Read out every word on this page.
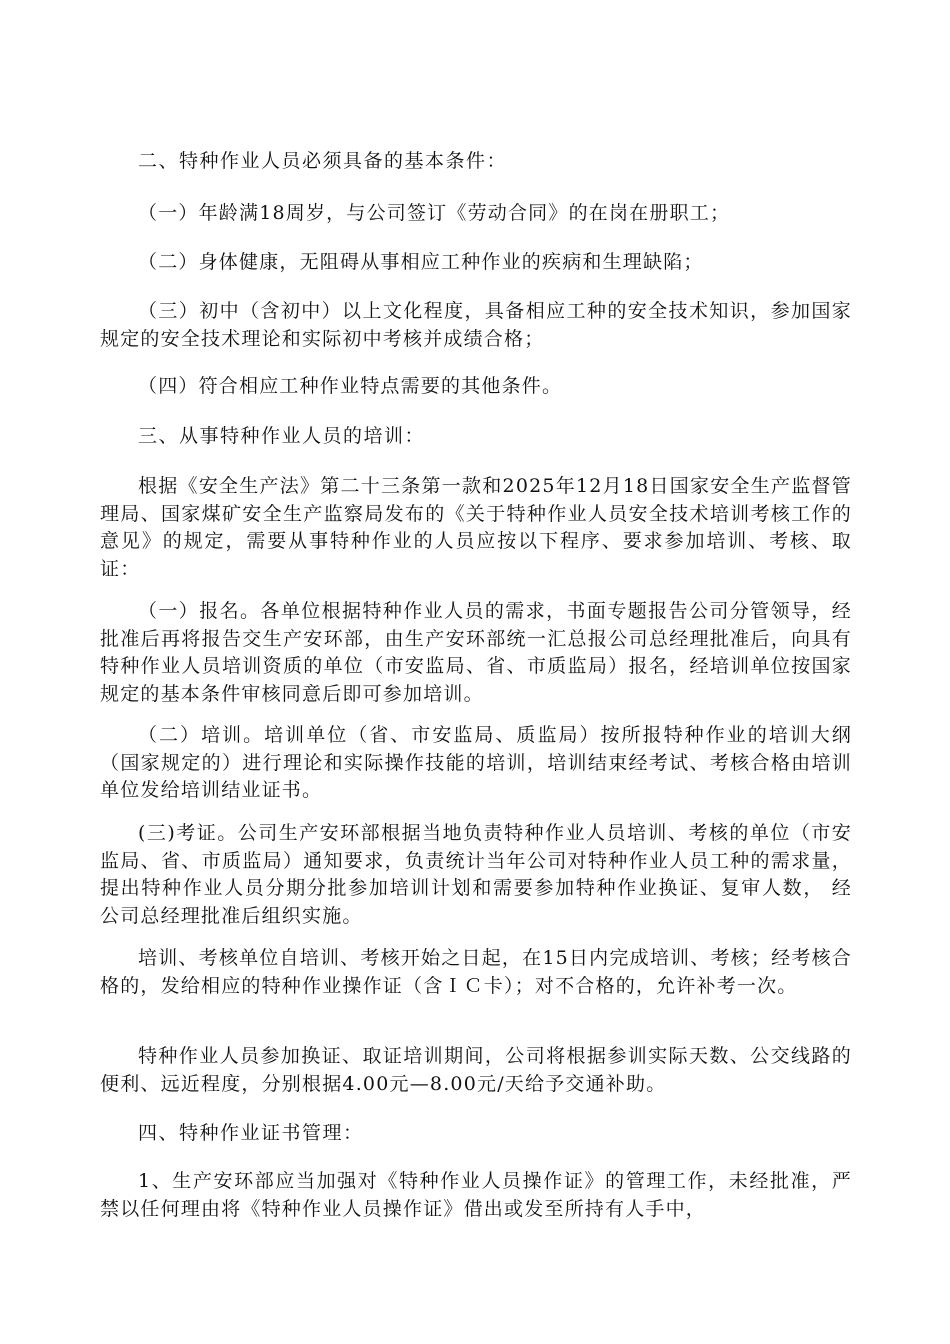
二、特种作业人员必须具备的基本条件：

（一）年龄满18周岁，与公司签订《劳动合同》的在岗在册职工；

（二）身体健康，无阻碍从事相应工种作业的疾病和生理缺陷；

（三）初中（含初中）以上文化程度，具备相应工种的安全技术知识，参加国家规定的安全技术理论和实际初中考核并成绩合格；

（四）符合相应工种作业特点需要的其他条件。

三、从事特种作业人员的培训：

根据《安全生产法》第二十三条第一款和2025年12月18日国家安全生产监督管理局、国家煤矿安全生产监察局发布的《关于特种作业人员安全技术培训考核工作的意见》的规定，需要从事特种作业的人员应按以下程序、要求参加培训、考核、取证：

（一）报名。各单位根据特种作业人员的需求，书面专题报告公司分管领导，经批准后再将报告交生产安环部，由生产安环部统一汇总报公司总经理批准后，向具有特种作业人员培训资质的单位（市安监局、省、市质监局）报名，经培训单位按国家规定的基本条件审核同意后即可参加培训。

（二）培训。培训单位（省、市安监局、质监局）按所报特种作业的培训大纲（国家规定的）进行理论和实际操作技能的培训，培训结束经考试、考核合格由培训单位发给培训结业证书。

(三)考证。公司生产安环部根据当地负责特种作业人员培训、考核的单位（市安监局、省、市质监局）通知要求，负责统计当年公司对特种作业人员工种的需求量，提出特种作业人员分期分批参加培训计划和需要参加特种作业换证、复审人数， 经公司总经理批准后组织实施。

培训、考核单位自培训、考核开始之日起，在15日内完成培训、考核；经考核合格的，发给相应的特种作业操作证（含ＩＣ卡）；对不合格的，允许补考一次。

特种作业人员参加换证、取证培训期间，公司将根据参训实际天数、公交线路的便利、远近程度，分别根据4.00元—8.00元/天给予交通补助。

四、特种作业证书管理：

1、生产安环部应当加强对《特种作业人员操作证》的管理工作，未经批准，严禁以任何理由将《特种作业人员操作证》借出或发至所持有人手中，
